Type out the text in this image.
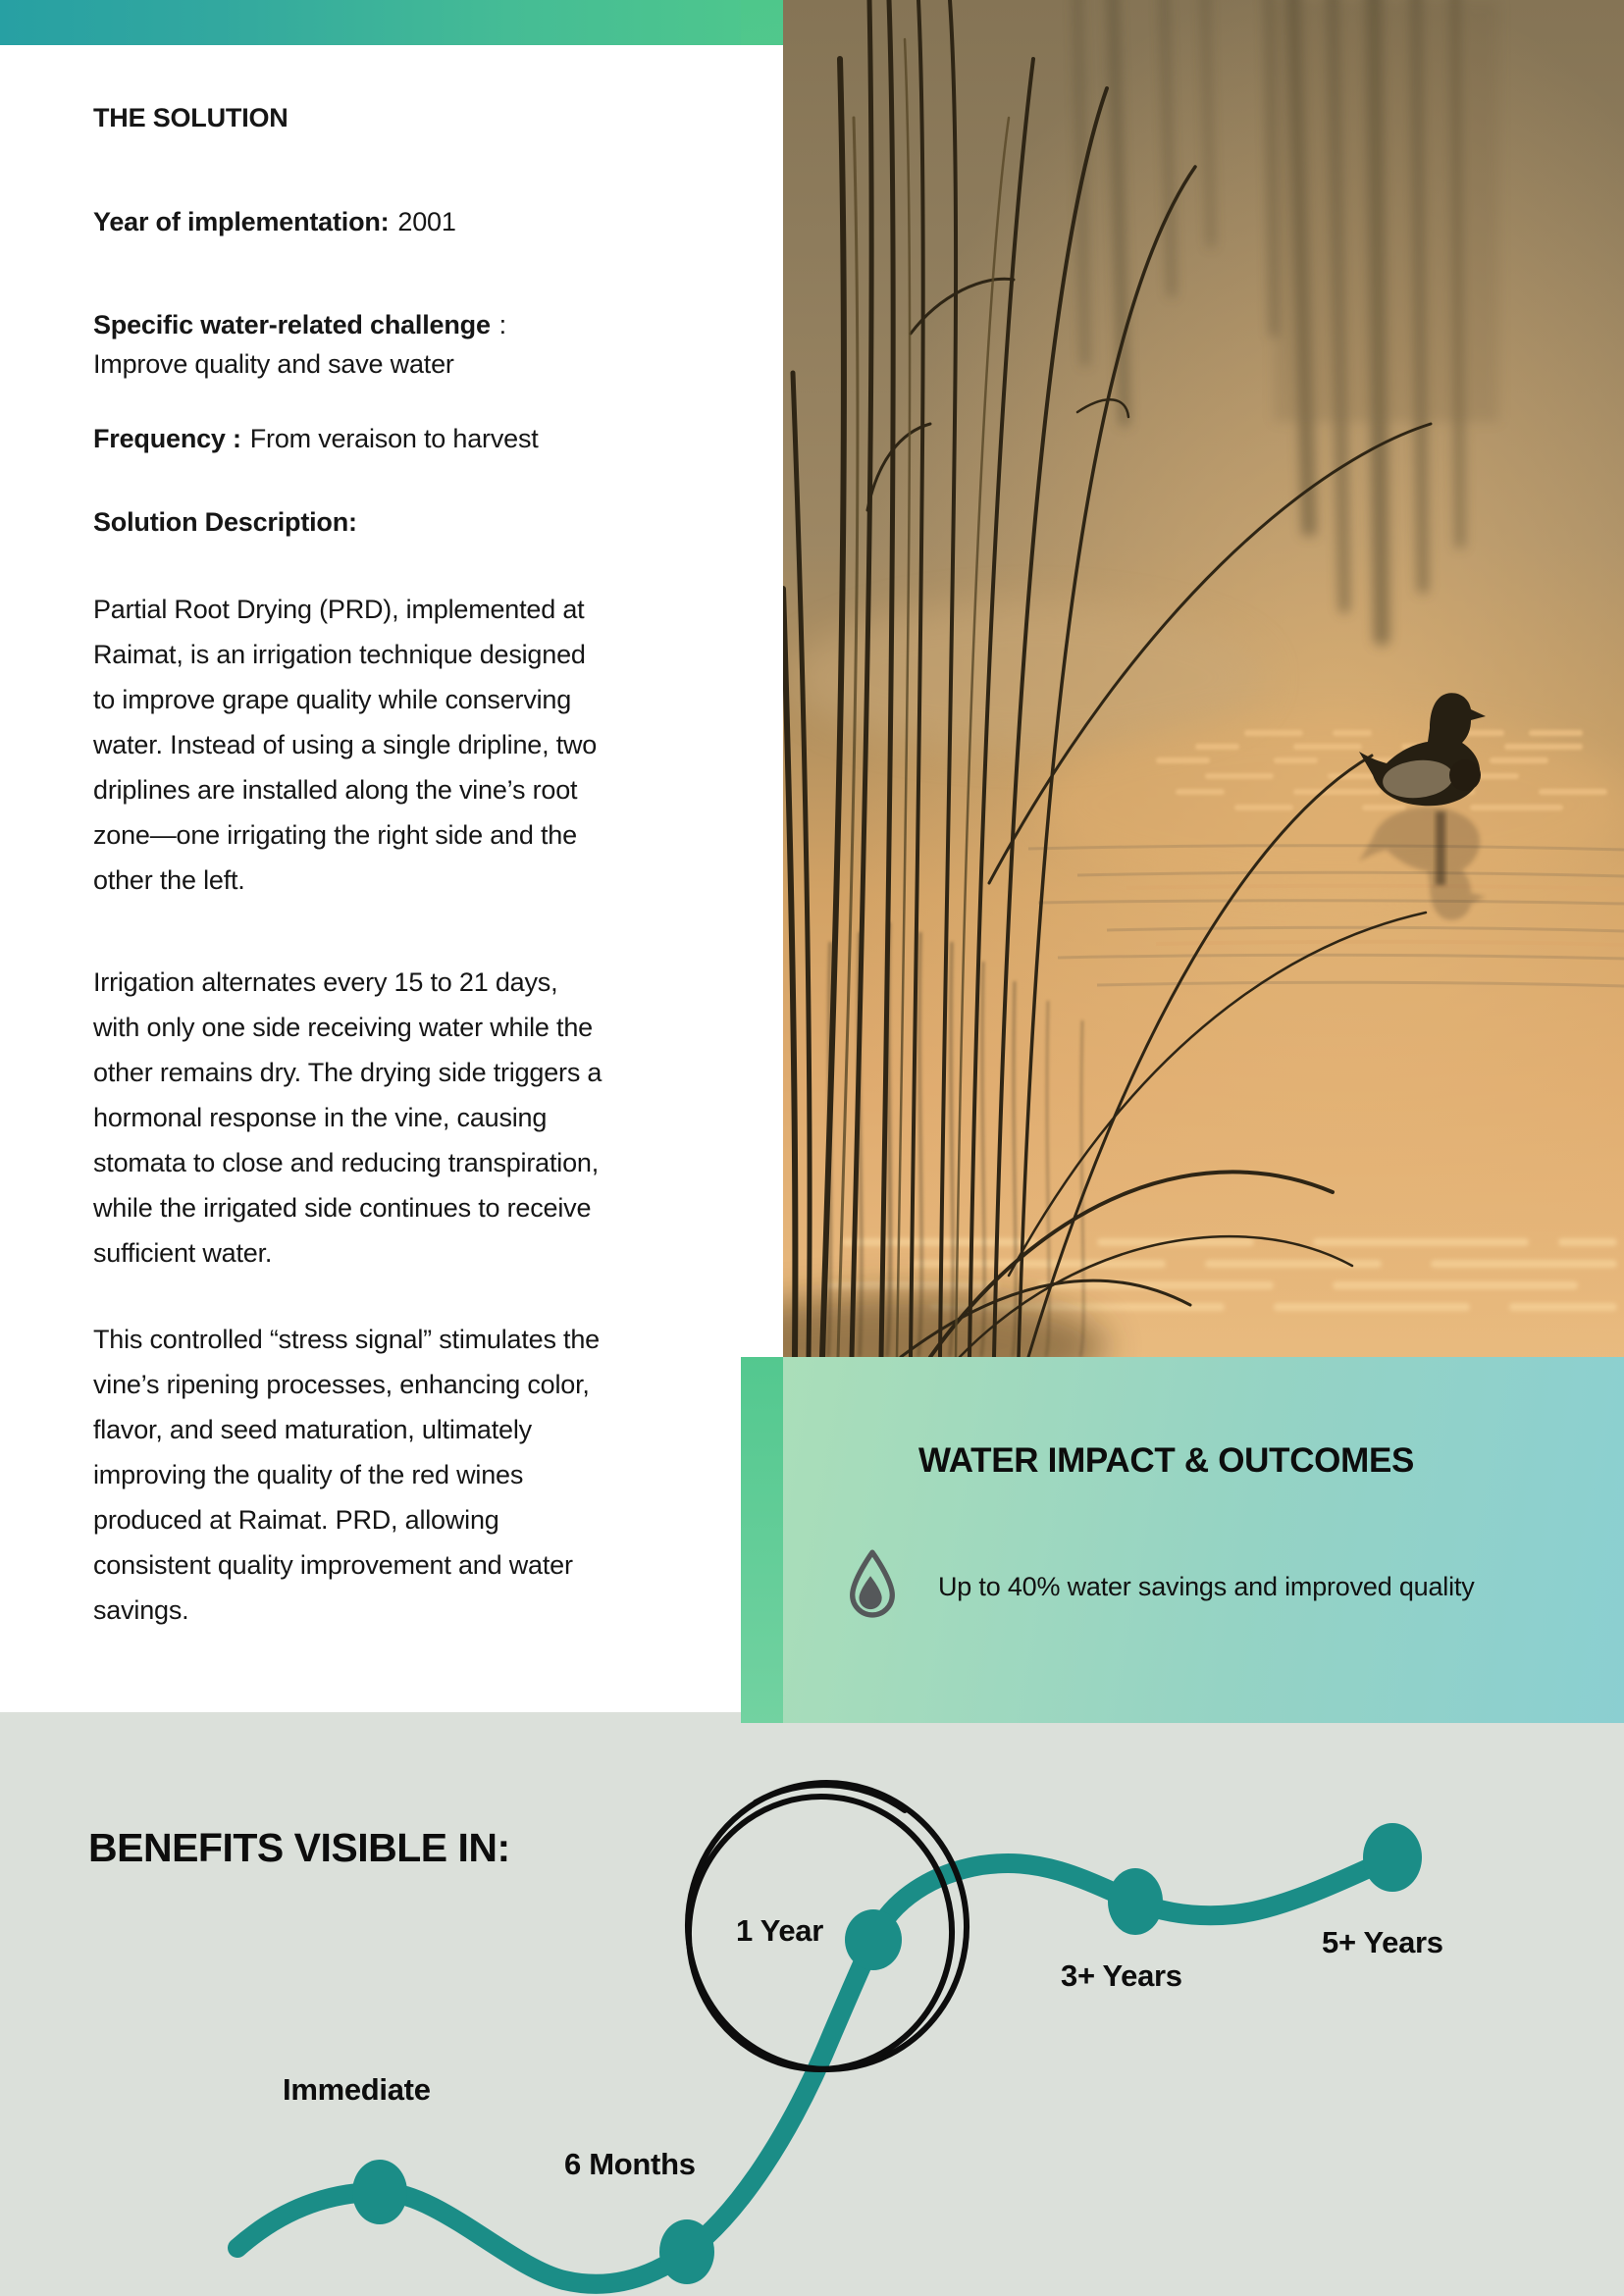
THE SOLUTION
Year of implementation: 2001
Specific water-related challenge :
Improve quality and save water
Frequency : From veraison to harvest
Solution Description:
Partial Root Drying (PRD), implemented at Raimat, is an irrigation technique designed to improve grape quality while conserving water. Instead of using a single dripline, two driplines are installed along the vine’s root zone—one irrigating the right side and the other the left.
Irrigation alternates every 15 to 21 days, with only one side receiving water while the other remains dry. The drying side triggers a hormonal response in the vine, causing stomata to close and reducing transpiration, while the irrigated side continues to receive sufficient water.
This controlled “stress signal” stimulates the vine’s ripening processes, enhancing color, flavor, and seed maturation, ultimately improving the quality of the red wines produced at Raimat. PRD, allowing consistent quality improvement and water savings.
WATER IMPACT & OUTCOMES
Up to 40% water savings and improved quality
BENEFITS VISIBLE IN:
Immediate
6 Months
1 Year
3+ Years
5+ Years
